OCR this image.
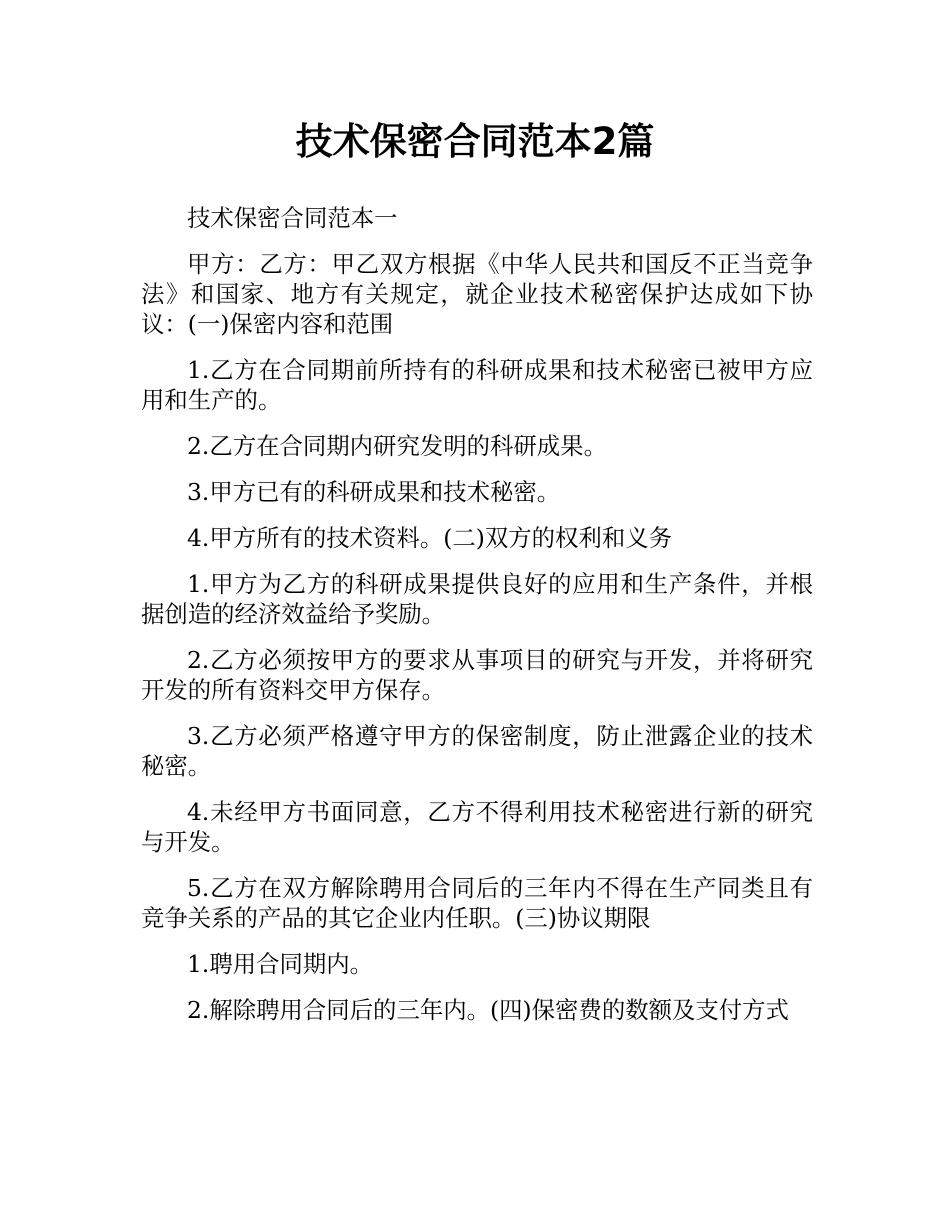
技术保密合同范本2篇

技术保密合同范本一

甲方：乙方：甲乙双方根据《中华人民共和国反不正当竞争法》和国家、地方有关规定，就企业技术秘密保护达成如下协议：(一)保密内容和范围

1.乙方在合同期前所持有的科研成果和技术秘密已被甲方应用和生产的。

2.乙方在合同期内研究发明的科研成果。

3.甲方已有的科研成果和技术秘密。

4.甲方所有的技术资料。(二)双方的权利和义务

1.甲方为乙方的科研成果提供良好的应用和生产条件，并根据创造的经济效益给予奖励。

2.乙方必须按甲方的要求从事项目的研究与开发，并将研究开发的所有资料交甲方保存。

3.乙方必须严格遵守甲方的保密制度，防止泄露企业的技术秘密。

4.未经甲方书面同意，乙方不得利用技术秘密进行新的研究与开发。

5.乙方在双方解除聘用合同后的三年内不得在生产同类且有竞争关系的产品的其它企业内任职。(三)协议期限

1.聘用合同期内。

2.解除聘用合同后的三年内。(四)保密费的数额及支付方式
